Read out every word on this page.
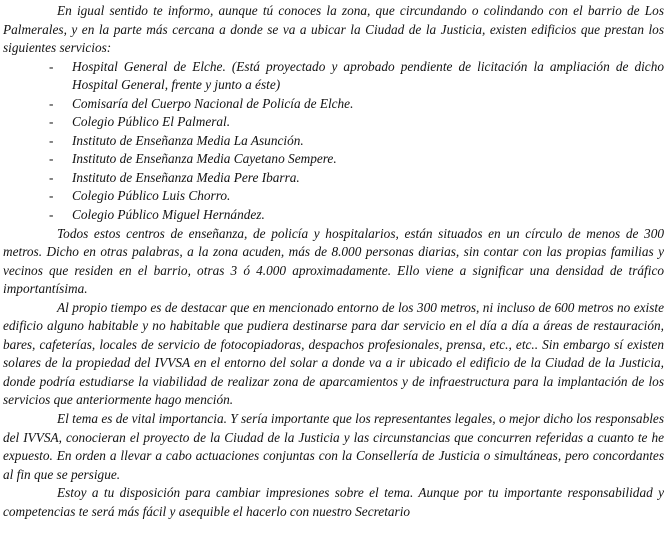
En igual sentido te informo, aunque tú conoces la zona, que circundando o colindando con el barrio de Los Palmerales, y en la parte más cercana a donde se va a ubicar la Ciudad de la Justicia, existen edificios que prestan los siguientes servicios:

- Hospital General de Elche. (Está proyectado y aprobado pendiente de licitación la ampliación de dicho Hospital General, frente y junto a éste)
- Comisaría del Cuerpo Nacional de Policía de Elche.
- Colegio Público El Palmeral.
- Instituto de Enseñanza Media La Asunción.
- Instituto de Enseñanza Media Cayetano Sempere.
- Instituto de Enseñanza Media Pere Ibarra.
- Colegio Público Luis Chorro.
- Colegio Público Miguel Hernández.

Todos estos centros de enseñanza, de policía y hospitalarios, están situados en un círculo de menos de 300 metros. Dicho en otras palabras, a la zona acuden, más de 8.000 personas diarias, sin contar con las propias familias y vecinos que residen en el barrio, otras 3 ó 4.000 aproximadamente. Ello viene a significar una densidad de tráfico importantísima.

Al propio tiempo es de destacar que en mencionado entorno de los 300 metros, ni incluso de 600 metros no existe edificio alguno habitable y no habitable que pudiera destinarse para dar servicio en el día a día a áreas de restauración, bares, cafeterías, locales de servicio de fotocopiadoras, despachos profesionales, prensa, etc., etc.. Sin embargo sí existen solares de la propiedad del IVVSA en el entorno del solar a donde va a ir ubicado el edificio de la Ciudad de la Justicia, donde podría estudiarse la viabilidad de realizar zona de aparcamientos y de infraestructura para la implantación de los servicios que anteriormente hago mención.

El tema es de vital importancia. Y sería importante que los representantes legales, o mejor dicho los responsables del IVVSA, conocieran el proyecto de la Ciudad de la Justicia y las circunstancias que concurren referidas a cuanto te he expuesto. En orden a llevar a cabo actuaciones conjuntas con la Consellería de Justicia o simultáneas, pero concordantes al fin que se persigue.

Estoy a tu disposición para cambiar impresiones sobre el tema. Aunque por tu importante responsabilidad y competencias te será más fácil y asequible el hacerlo con nuestro Secretario
